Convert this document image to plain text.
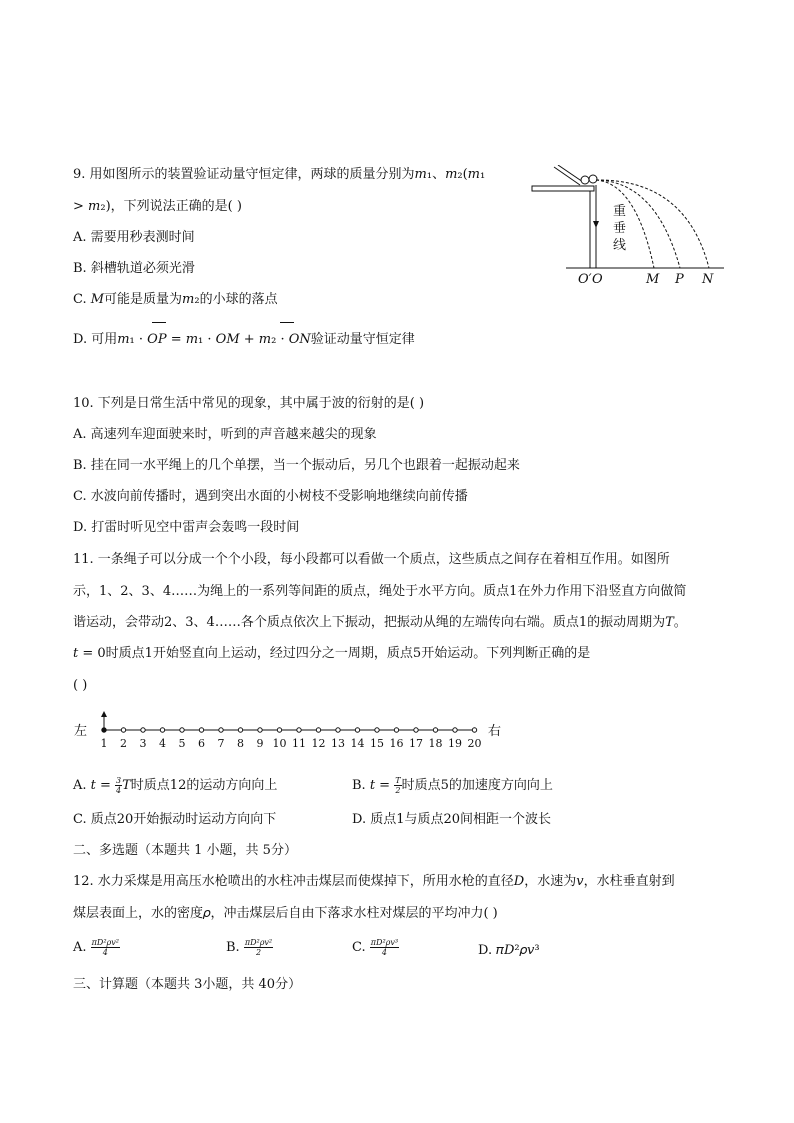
9. 用如图所示的装置验证动量守恒定律，两球的质量分别为𝑚₁、𝑚₂(𝑚₁
> 𝑚₂)，下列说法正确的是( )
A. 需要用秒表测时间
B. 斜槽轨道必须光滑
C. 𝑀可能是质量为𝑚₂的小球的落点
D. 可用𝑚₁ · 𝑂𝑃 = 𝑚₁ · 𝑂𝑀 + 𝑚₂ · 𝑂𝑁验证动量守恒定律
重
垂
线
O′ O	M P N
10. 下列是日常生活中常见的现象，其中属于波的衍射的是( )
A. 高速列车迎面驶来时，听到的声音越来越尖的现象
B. 挂在同一水平绳上的几个单摆，当一个振动后，另几个也跟着一起振动起来
C. 水波向前传播时，遇到突出水面的小树枝不受影响地继续向前传播
D. 打雷时听见空中雷声会轰鸣一段时间
11. 一条绳子可以分成一个个小段，每小段都可以看做一个质点，这些质点之间存在着相互作用。如图所
示，1、2、3、4……为绳上的一系列等间距的质点，绳处于水平方向。质点1在外力作用下沿竖直方向做简
谐运动，会带动2、3、4……各个质点依次上下振动，把振动从绳的左端传向右端。质点1的振动周期为𝑇。
𝑡 = 0时质点1开始竖直向上运动，经过四分之一周期，质点5开始运动。下列判断正确的是
( )
左	右
1 2 3 4 5 6 7 8 9 10 11 12 13 14 15 16 17 18 19 20
A. 𝑡 = $\frac{3}{4}$ 𝑇时质点12的运动方向向上	B. 𝑡 = $\frac{\text{𝑇}}{2}$ 时质点5的加速度方向向上
C. 质点20开始振动时运动方向向下	D. 质点1与质点20间相距一个波长
二、多选题（本题共 1 小题，共 5分）
12. 水力采煤是用高压水枪喷出的水柱冲击煤层而使煤掉下，所用水枪的直径𝐷，水速为𝑣，水柱垂直射到
煤层表面上，水的密度𝜌，冲击煤层后自由下落求水柱对煤层的平均冲力( )
A. $\frac{\text{πD²ρv²}}{4}$	B. $\frac{\text{πD²ρv²}}{2}$	C. $\frac{\text{πD²ρv³}}{4}$	D. 𝜋𝐷²𝜌𝑣³
三、计算题（本题共 3小题，共 40分）
